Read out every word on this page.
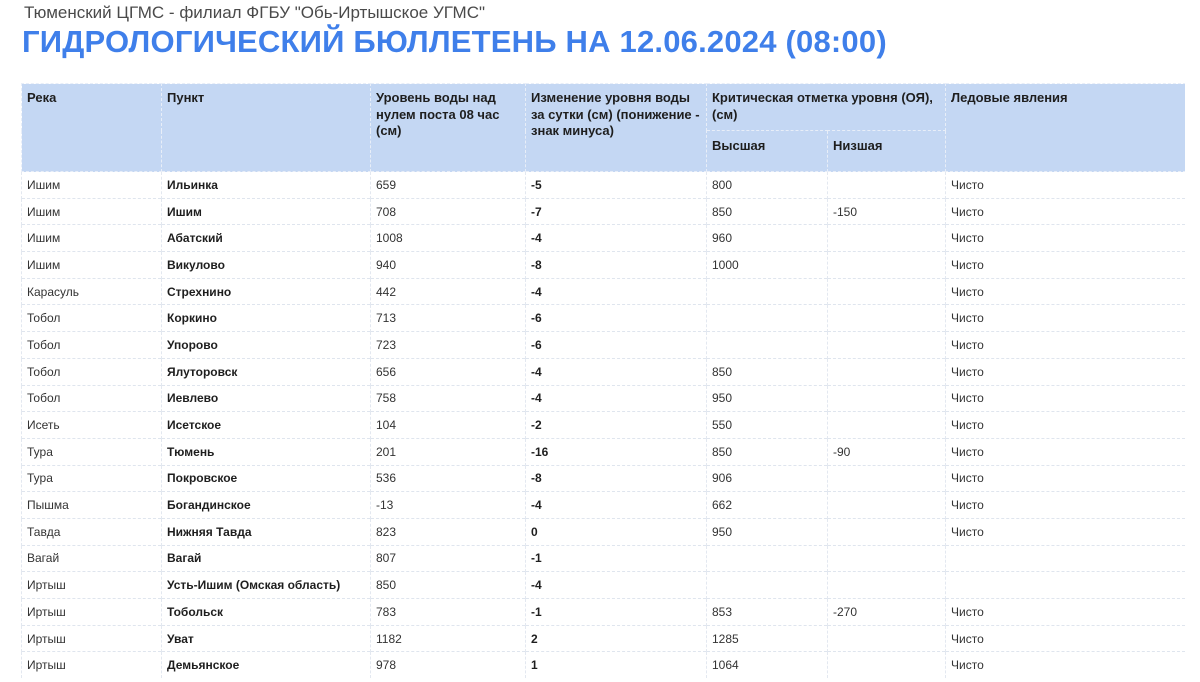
Тюменский ЦГМС - филиал ФГБУ "Обь-Иртышское УГМС"
ГИДРОЛОГИЧЕСКИЙ БЮЛЛЕТЕНЬ НА 12.06.2024 (08:00)
Река	Пункт	Уровень воды над нулем поста 08 час (см)	Изменение уровня воды за сутки (см) (понижение - знак минуса)	Критическая отметка уровня (ОЯ), (см)		Ледовые явления
				Высшая	Низшая	
Ишим	Ильинка	659	-5	800		Чисто
Ишим	Ишим	708	-7	850	-150	Чисто
Ишим	Абатский	1008	-4	960		Чисто
Ишим	Викулово	940	-8	1000		Чисто
Карасуль	Стрехнино	442	-4			Чисто
Тобол	Коркино	713	-6			Чисто
Тобол	Упорово	723	-6			Чисто
Тобол	Ялуторовск	656	-4	850		Чисто
Тобол	Иевлево	758	-4	950		Чисто
Исеть	Исетское	104	-2	550		Чисто
Тура	Тюмень	201	-16	850	-90	Чисто
Тура	Покровское	536	-8	906		Чисто
Пышма	Богандинское	-13	-4	662		Чисто
Тавда	Нижняя Тавда	823	0	950		Чисто
Вагай	Вагай	807	-1			
Иртыш	Усть-Ишим (Омская область)	850	-4			
Иртыш	Тобольск	783	-1	853	-270	Чисто
Иртыш	Уват	1182	2	1285		Чисто
Иртыш	Демьянское	978	1	1064		Чисто
